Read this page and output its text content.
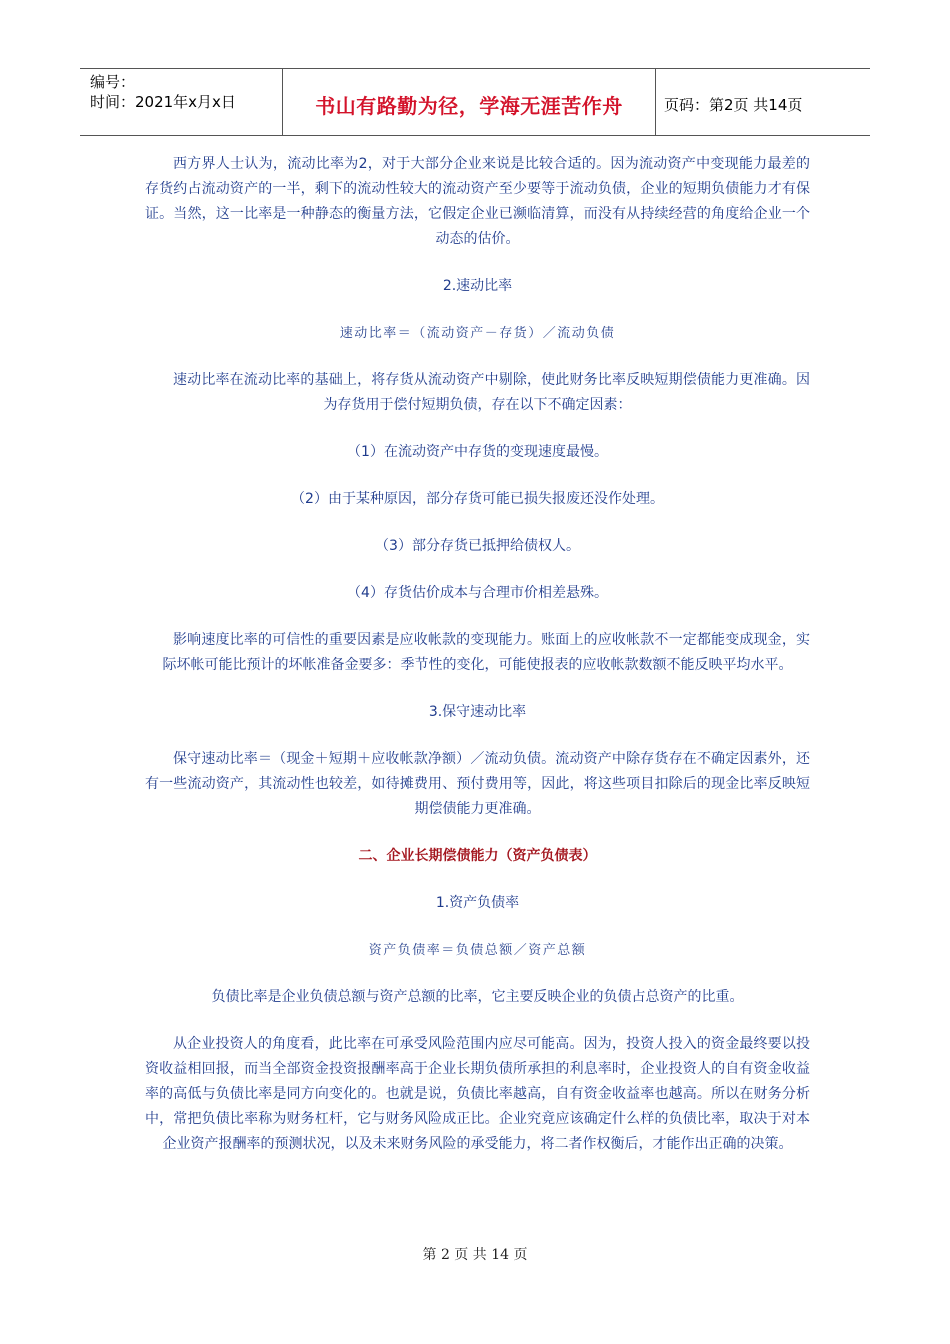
编号：
时间：2021年x月x日	书山有路勤为径，学海无涯苦作舟	页码：第2页 共14页

西方界人士认为，流动比率为2，对于大部分企业来说是比较合适的。因为流动资产中变现能力最差的存货约占流动资产的一半，剩下的流动性较大的流动资产至少要等于流动负债，企业的短期负债能力才有保证。当然，这一比率是一种静态的衡量方法，它假定企业已濒临清算，而没有从持续经营的角度给企业一个动态的估价。

2.速动比率
速动比率＝（流动资产－存货）／流动负债

速动比率在流动比率的基础上，将存货从流动资产中剔除，使此财务比率反映短期偿债能力更准确。因为存货用于偿付短期负债，存在以下不确定因素：

（1）在流动资产中存货的变现速度最慢。
（2）由于某种原因，部分存货可能已损失报废还没作处理。
（3）部分存货已抵押给债权人。
（4）存货估价成本与合理市价相差悬殊。

影响速度比率的可信性的重要因素是应收帐款的变现能力。账面上的应收帐款不一定都能变成现金，实际坏帐可能比预计的坏帐准备金要多：季节性的变化，可能使报表的应收帐款数额不能反映平均水平。

3.保守速动比率

保守速动比率＝（现金＋短期＋应收帐款净额）／流动负债。流动资产中除存货存在不确定因素外，还有一些流动资产，其流动性也较差，如待摊费用、预付费用等，因此，将这些项目扣除后的现金比率反映短期偿债能力更准确。

二、企业长期偿债能力（资产负债表）
1.资产负债率
资产负债率＝负债总额／资产总额

负债比率是企业负债总额与资产总额的比率，它主要反映企业的负债占总资产的比重。

从企业投资人的角度看，此比率在可承受风险范围内应尽可能高。因为，投资人投入的资金最终要以投资收益相回报，而当全部资金投资报酬率高于企业长期负债所承担的利息率时，企业投资人的自有资金收益率的高低与负债比率是同方向变化的。也就是说，负债比率越高，自有资金收益率也越高。所以在财务分析中，常把负债比率称为财务杠杆，它与财务风险成正比。企业究竟应该确定什么样的负债比率，取决于对本企业资产报酬率的预测状况，以及未来财务风险的承受能力，将二者作权衡后，才能作出正确的决策。

第 2 页 共 14 页
